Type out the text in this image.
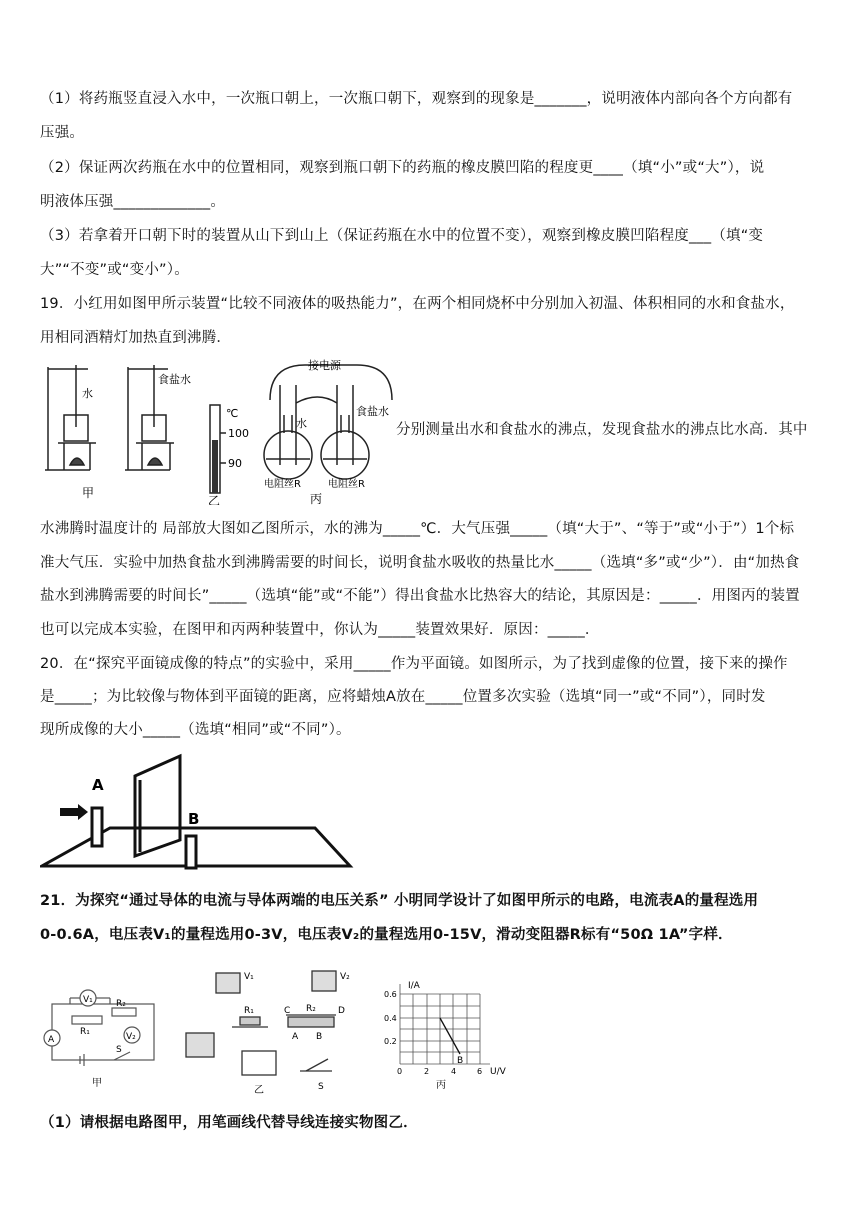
（1）将药瓶竖直浸入水中，一次瓶口朝上，一次瓶口朝下，观察到的现象是_______，说明液体内部向各个方向都有
压强。
（2）保证两次药瓶在水中的位置相同，观察到瓶口朝下的药瓶的橡皮膜凹陷的程度更____（填“小”或“大”），说
明液体压强_____________。
（3）若拿着开口朝下时的装置从山下到山上（保证药瓶在水中的位置不变），观察到橡皮膜凹陷程度___（填“变
大”“不变”或“变小”）。
19．小红用如图甲所示装置“比较不同液体的吸热能力”，在两个相同烧杯中分别加入初温、体积相同的水和食盐水，
用相同酒精灯加热直到沸腾．
水
食盐水
甲
℃
100
90
乙
接电源
水
食盐水
电阻丝R	电阻丝R
丙
分别测量出水和食盐水的沸点，发现食盐水的沸点比水高．其中
水沸腾时温度计的 局部放大图如乙图所示，水的沸为_____℃．大气压强_____（填“大于”、“等于”或“小于”）1个标
准大气压．实验中加热食盐水到沸腾需要的时间长，说明食盐水吸收的热量比水_____（选填“多”或“少”）．由“加热食
盐水到沸腾需要的时间长”_____（选填“能”或“不能”）得出食盐水比热容大的结论，其原因是：_____．用图丙的装置
也可以完成本实验，在图甲和丙两种装置中，你认为_____装置效果好．原因：_____．
20．在“探究平面镜成像的特点”的实验中，采用_____作为平面镜。如图所示，为了找到虚像的位置，接下来的操作
是_____；为比较像与物体到平面镜的距离，应将蜡烛A放在_____位置多次实验（选填“同一”或“不同”），同时发
现所成像的大小_____（选填“相同”或“不同”）。
A
B
21．为探究“通过导体的电流与导体两端的电压关系” 小明同学设计了如图甲所示的电路，电流表A的量程选用
0-0.6A，电压表V₁的量程选用0-3V，电压表V₂的量程选用0-15V，滑动变阻器R标有“50Ω 1A”字样．
V₁	R₂
R₁	V₂
A
S
甲
V₁	V₂
R₁	R₂
C	D
A B
S
乙
I/A
U/V
0.6
0.4
0.2
0	2	4	6
B
丙
（1）请根据电路图甲，用笔画线代替导线连接实物图乙．
